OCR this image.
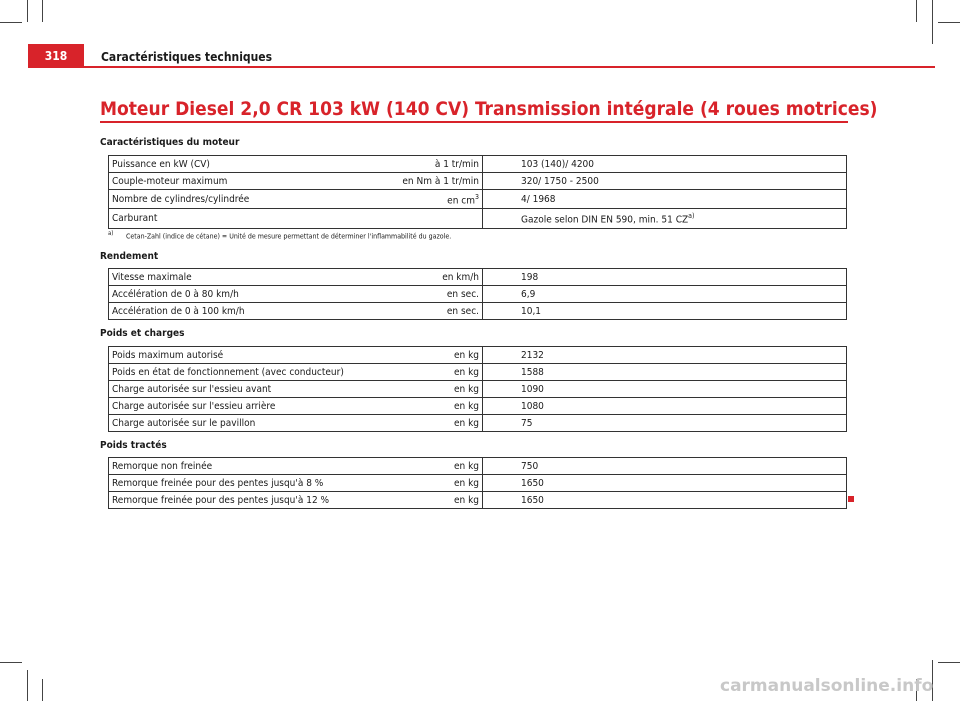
318	Caractéristiques techniques
Moteur Diesel 2,0 CR 103 kW (140 CV) Transmission intégrale (4 roues motrices)
Caractéristiques du moteur
Puissance en kW (CV)	à 1 tr/min	103 (140)/ 4200
Couple-moteur maximum	en Nm à 1 tr/min	320/ 1750 - 2500
Nombre de cylindres/cylindrée	en $cm^3$	4/ 1968
Carburant		Gazole selon DIN EN 590, min. 51 CZ$^{a)}$
a) Cetan-Zahl (indice de cétane) = Unité de mesure permettant de déterminer l'inflammabilité du gazole.
Rendement
Vitesse maximale	en km/h	198
Accélération de 0 à 80 km/h	en sec.	6,9
Accélération de 0 à 100 km/h	en sec.	10,1
Poids et charges
Poids maximum autorisé	en kg	2132
Poids en état de fonctionnement (avec conducteur)	en kg	1588
Charge autorisée sur l'essieu avant	en kg	1090
Charge autorisée sur l'essieu arrière	en kg	1080
Charge autorisée sur le pavillon	en kg	75
Poids tractés
Remorque non freinée	en kg	750
Remorque freinée pour des pentes jusqu'à 8 %	en kg	1650
Remorque freinée pour des pentes jusqu'à 12 %	en kg	1650
carmanualsonline.info
